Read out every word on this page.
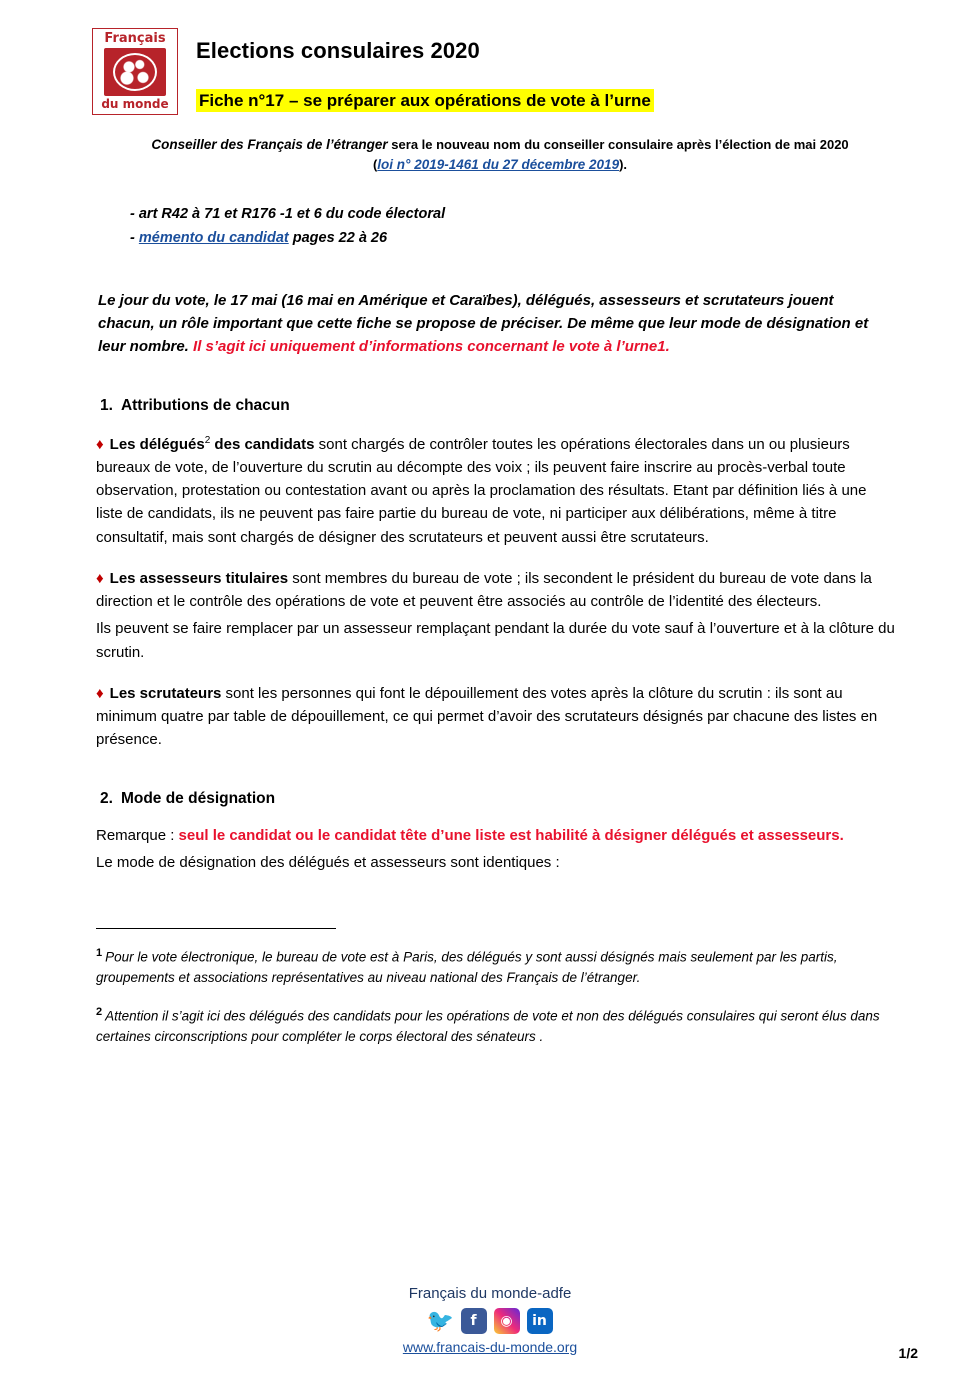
Français
du monde
Elections consulaires 2020
Fiche n°17 – se préparer aux opérations de vote à l’urne
Conseiller des Français de l’étranger sera le nouveau nom du conseiller consulaire après l’élection de mai 2020
(loi n° 2019-1461 du 27 décembre 2019).
- art R42 à 71 et R176 -1 et 6 du code électoral
- mémento du candidat pages 22 à 26
Le jour du vote, le 17 mai (16 mai en Amérique et Caraïbes), délégués, assesseurs et scrutateurs jouent chacun, un rôle important que cette fiche se propose de préciser. De même que leur mode de désignation et leur nombre. Il s’agit ici uniquement d’informations concernant le vote à l’urne1.
1. Attributions de chacun

♦ Les délégués$^2$ des candidats sont chargés de contrôler toutes les opérations électorales dans un ou plusieurs bureaux de vote, de l’ouverture du scrutin au décompte des voix ; ils peuvent faire inscrire au procès-verbal toute observation, protestation ou contestation avant ou après la proclamation des résultats. Etant par définition liés à une liste de candidats, ils ne peuvent pas faire partie du bureau de vote, ni participer aux délibérations, même à titre consultatif, mais sont chargés de désigner des scrutateurs et peuvent aussi être scrutateurs.

♦ Les assesseurs titulaires sont membres du bureau de vote ; ils secondent le président du bureau de vote dans la direction et le contrôle des opérations de vote et peuvent être associés au contrôle de l’identité des électeurs.

Ils peuvent se faire remplacer par un assesseur remplaçant pendant la durée du vote sauf à l’ouverture et à la clôture du scrutin.

♦ Les scrutateurs sont les personnes qui font le dépouillement des votes après la clôture du scrutin : ils sont au minimum quatre par table de dépouillement, ce qui permet d’avoir des scrutateurs désignés par chacune des listes en présence.

2. Mode de désignation

Remarque : seul le candidat ou le candidat tête d’une liste est habilité à désigner délégués et assesseurs.

Le mode de désignation des délégués et assesseurs sont identiques :

$^1$ Pour le vote électronique, le bureau de vote est à Paris, des délégués y sont aussi désignés mais seulement par les partis, groupements et associations représentatives au niveau national des Français de l’étranger.

$^2$ Attention il s’agit ici des délégués des candidats pour les opérations de vote et non des délégués consulaires qui seront élus dans certaines circonscriptions pour compléter le corps électoral des sénateurs .

Français du monde-adfe
🐦	f	◉	in
www.francais-du-monde.org	1/2
